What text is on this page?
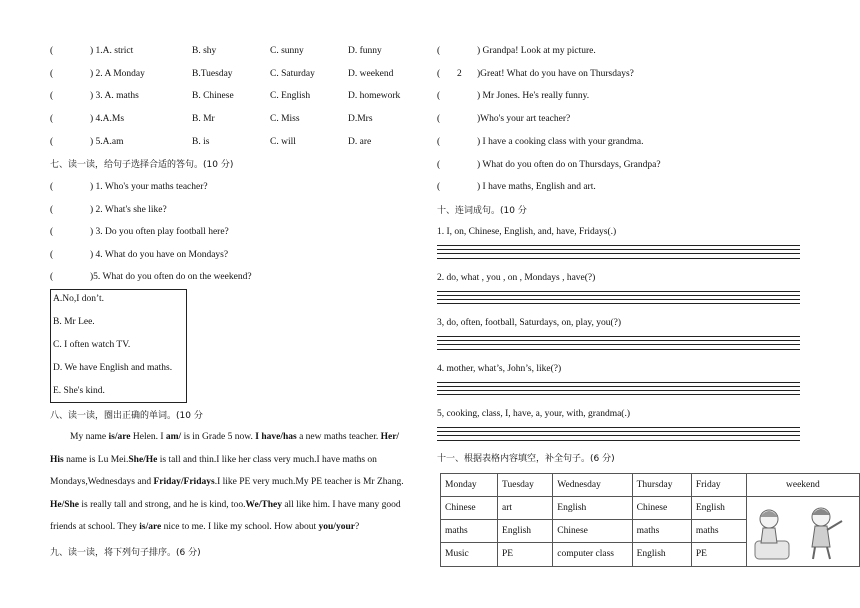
(	) 1.A. strict	B. shy	C. sunny	D. funny
(	) 2. A Monday	B.Tuesday	C. Saturday	D. weekend
(	) 3. A. maths	B. Chinese	C. English	D. homework
(	) 4.A.Ms	B. Mr	C. Miss	D.Mrs
(	) 5.A.am	B. is	C. will	D. are
七、读一读，给句子选择合适的答句。(10 分)
(	) 1. Who's your maths teacher?
(	) 2. What's she like?
(	) 3. Do you often play football here?
(	) 4. What do you have on Mondays?
(	)5. What do you often do on the weekend?
A.No,I don’t.
B. Mr Lee.
C. I often watch TV.
D. We have English and maths.
E. She's kind.
八、读一读，圈出正确的单词。(10 分
My name is/are Helen. I am/ is in Grade 5 now. I have/has a new maths teacher. Her/ His name is Lu Mei.She/He is tall and thin.I like her class very much.I have maths on Mondays,Wednesdays and Friday/Fridays.I like PE very much.My PE teacher is Mr Zhang. He/She is really tall and strong, and he is kind, too.We/They all like him. I have many good friends at school. They is/are nice to me. I like my school. How about you/your?
九、读一读，将下列句子排序。(6 分)
(	) Grandpa! Look at my picture.
( 2 )Great! What do you have on Thursdays?
(	) Mr Jones. He's really funny.
(	)Who's your art teacher?
(	) I have a cooking class with your grandma.
(	) What do you often do on Thursdays, Grandpa?
(	) I have maths, English and art.
十、连词成句。(10 分
1. I, on, Chinese, English, and, have, Fridays(.)
2. do, what , you , on , Mondays , have(?)
3, do, often, football, Saturdays, on, play, you(?)
4. mother, what’s, John’s, like(?)
5, cooking, class, I, have, a, your, with, grandma(.)
十一、根据表格内容填空，补全句子。(6 分)
Monday	Tuesday	Wednesday	Thursday	Friday	weekend
Chinese	art	English	Chinese	English	
maths	English	Chinese	maths	maths	
Music	PE	computer class	English	PE	
